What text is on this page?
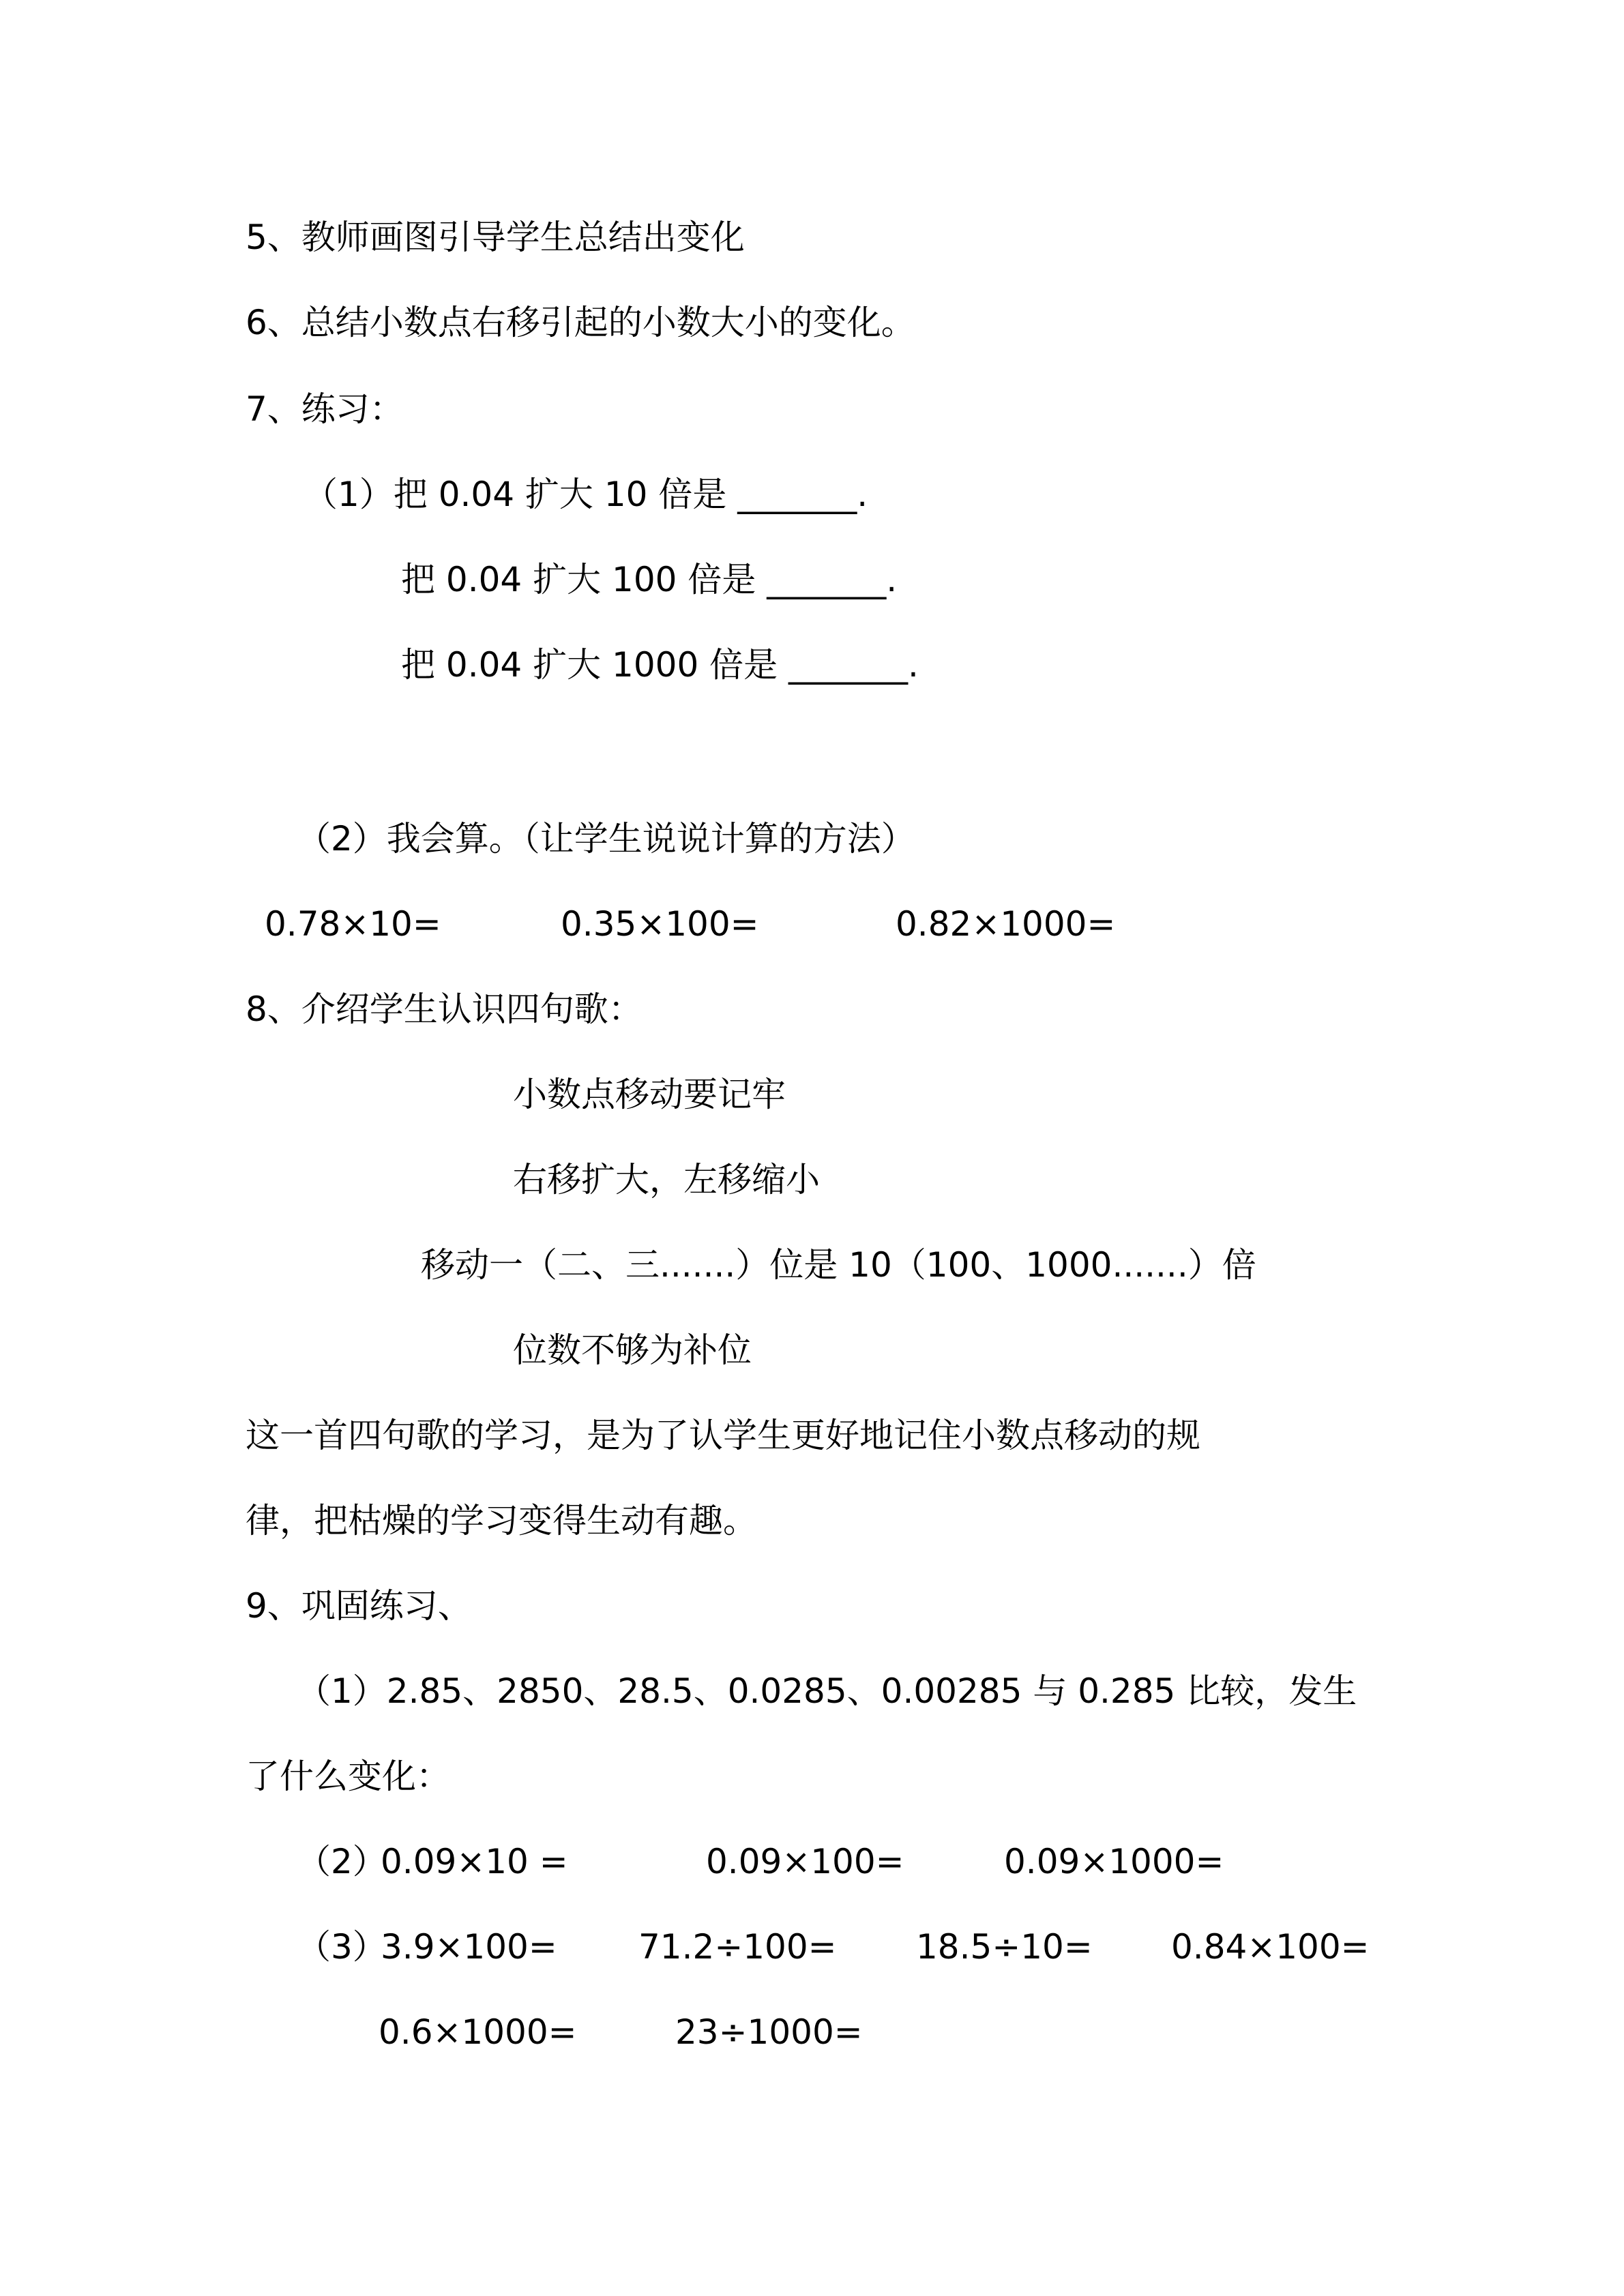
5、教师画图引导学生总结出变化
6、总结小数点右移引起的小数大小的变化。
7、练习：
（1）把 0.04 扩大 10 倍是 _______.
把 0.04 扩大 100 倍是 _______.
把 0.04 扩大 1000 倍是 _______.
（2）我会算。（让学生说说计算的方法）
0.78×10=	0.35×100=	0.82×1000=
8、介绍学生认识四句歌：
小数点移动要记牢
右移扩大，左移缩小
移动一（二、三.......）位是 10（100、1000.......）倍
位数不够为补位
这一首四句歌的学习，是为了认学生更好地记住小数点移动的规
律，把枯燥的学习变得生动有趣。
9、巩固练习、
（1）2.85、2850、28.5、0.0285、0.00285 与 0.285 比较，发生
了什么变化：
（2）
0.09×10 =	0.09×100=	0.09×1000=
（3）
3.9×100= 71.2÷100= 18.5÷10= 0.84×100=
0.6×1000=	23÷1000=
